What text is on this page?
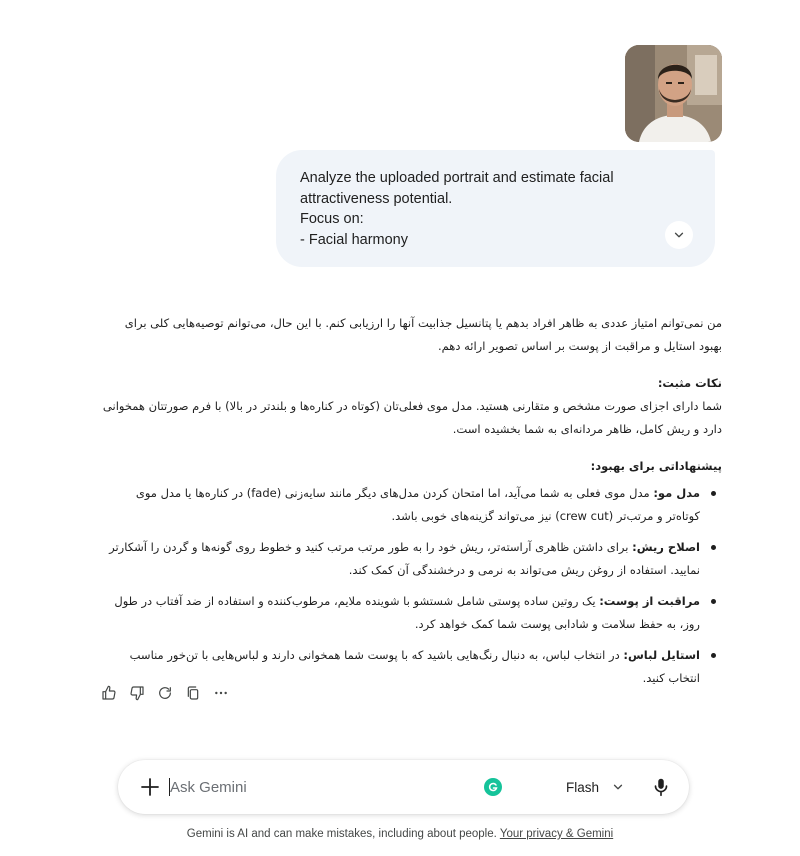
Analyze the uploaded portrait and estimate facial
attractiveness potential.
Focus on:
- Facial harmony

من نمی‌توانم امتیاز عددی به ظاهر افراد بدهم یا پتانسیل جذابیت آنها را ارزیابی کنم. با این حال، می‌توانم توصیه‌هایی کلی برای بهبود استایل و مراقبت از پوست بر اساس تصویر ارائه دهم.

نکات مثبت:

شما دارای اجزای صورت مشخص و متقارنی هستید. مدل موی فعلی‌تان (کوتاه در کناره‌ها و بلندتر در بالا) با فرم صورتتان همخوانی دارد و ریش کامل، ظاهر مردانه‌ای به شما بخشیده است.

پیشنهاداتی برای بهبود:
مدل مو: مدل موی فعلی به شما می‌آید، اما امتحان کردن مدل‌های دیگر مانند سایه‌زنی (fade) در کناره‌ها یا مدل موی کوتاه‌تر و مرتب‌تر (crew cut) نیز می‌تواند گزینه‌های خوبی باشد.
اصلاح ریش: برای داشتن ظاهری آراسته‌تر، ریش خود را به طور مرتب مرتب کنید و خطوط روی گونه‌ها و گردن را آشکارتر نمایید. استفاده از روغن ریش می‌تواند به نرمی و درخشندگی آن کمک کند.
مراقبت از پوست: یک روتین ساده پوستی شامل شستشو با شوینده ملایم، مرطوب‌کننده و استفاده از ضد آفتاب در طول روز، به حفظ سلامت و شادابی پوست شما کمک خواهد کرد.
استایل لباس: در انتخاب لباس، به دنبال رنگ‌هایی باشید که با پوست شما همخوانی دارند و لباس‌هایی با تن‌خور مناسب انتخاب کنید.
Ask Gemini
Flash
Gemini is AI and can make mistakes, including about people. Your privacy & Gemini
